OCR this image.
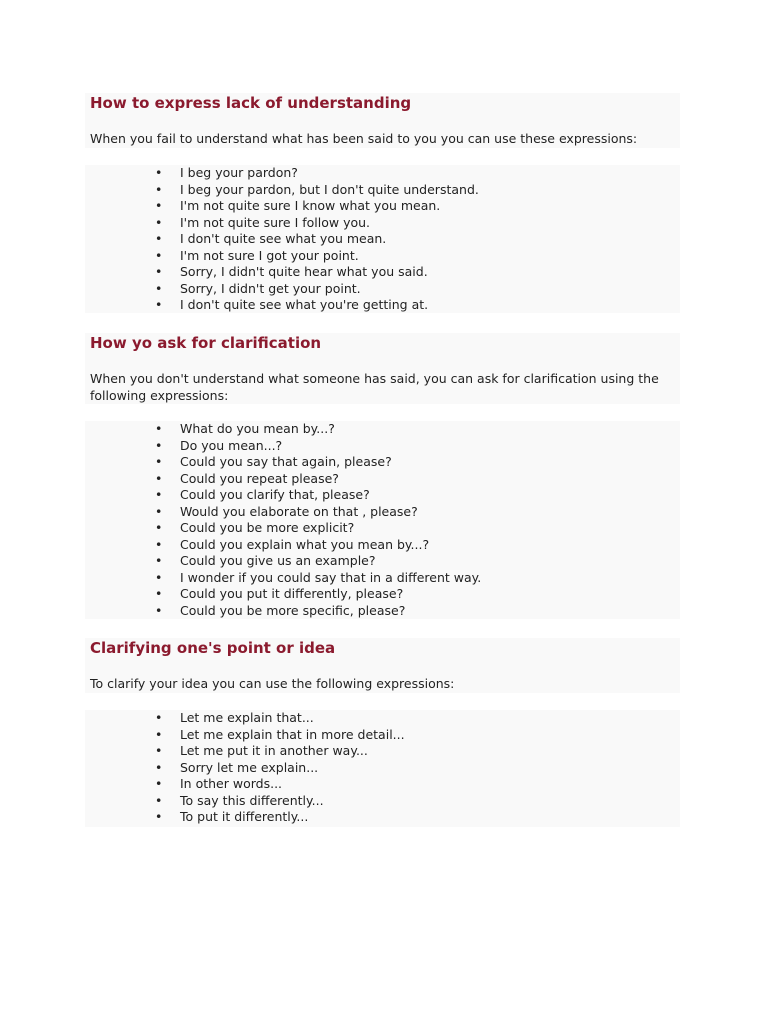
How to express lack of understanding

When you fail to understand what has been said to you you can use these expressions:

• I beg your pardon?
• I beg your pardon, but I don't quite understand.
• I'm not quite sure I know what you mean.
• I'm not quite sure I follow you.
• I don't quite see what you mean.
• I'm not sure I got your point.
• Sorry, I didn't quite hear what you said.
• Sorry, I didn't get your point.
• I don't quite see what you're getting at.
How yo ask for clarification

When you don't understand what someone has said, you can ask for clarification using the following expressions:

• What do you mean by...?
• Do you mean...?
• Could you say that again, please?
• Could you repeat please?
• Could you clarify that, please?
• Would you elaborate on that , please?
• Could you be more explicit?
• Could you explain what you mean by...?
• Could you give us an example?
• I wonder if you could say that in a different way.
• Could you put it differently, please?
• Could you be more specific, please?
Clarifying one's point or idea

To clarify your idea you can use the following expressions:

• Let me explain that...
• Let me explain that in more detail...
• Let me put it in another way...
• Sorry let me explain...
• In other words...
• To say this differently...
• To put it differently...
